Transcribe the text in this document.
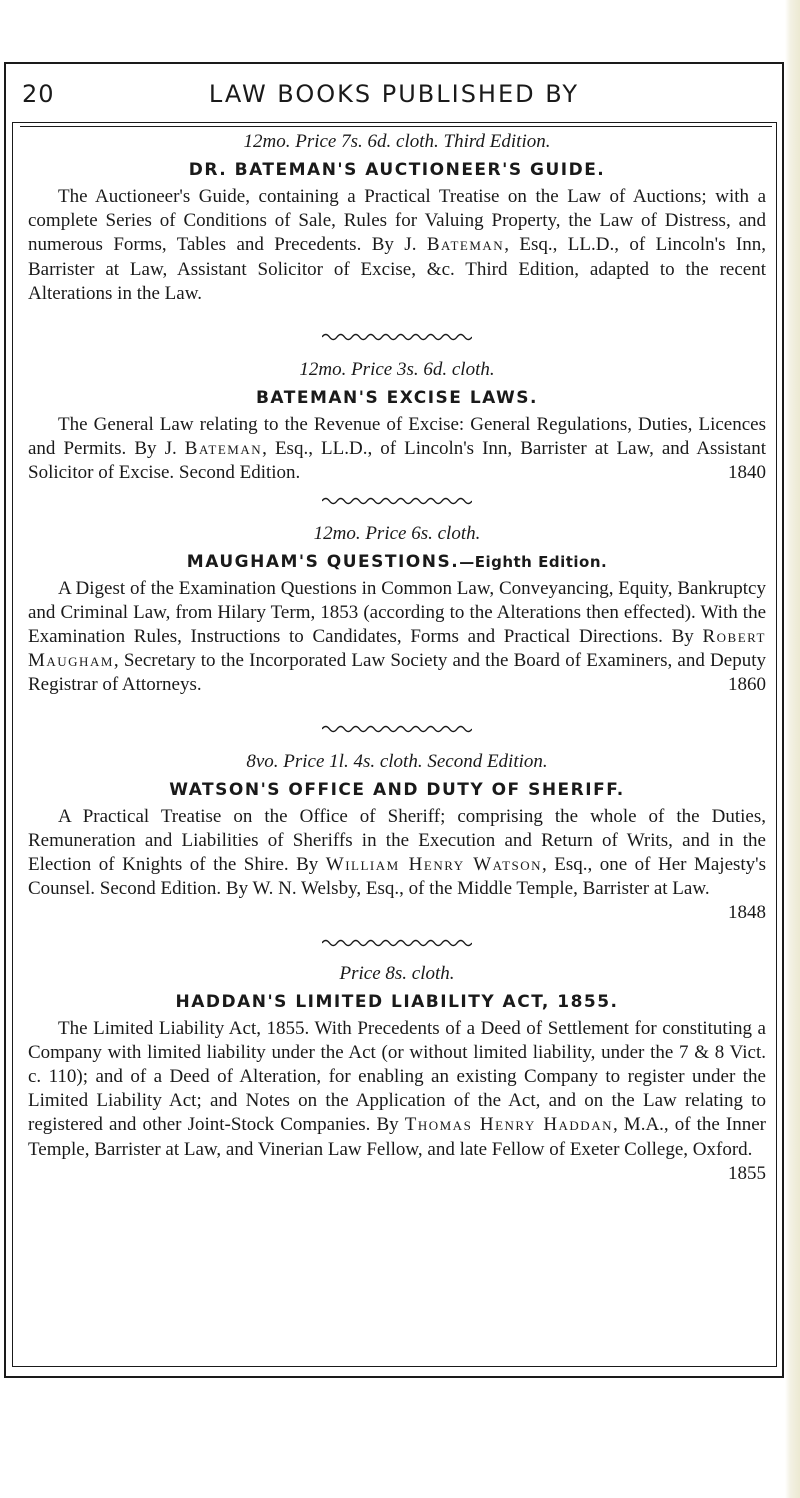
20	LAW BOOKS PUBLISHED BY

12mo. Price 7s. 6d. cloth. Third Edition.

DR. BATEMAN'S AUCTIONEER'S GUIDE.

The Auctioneer's Guide, containing a Practical Treatise on the Law of Auctions; with a complete Series of Conditions of Sale, Rules for Valuing Property, the Law of Distress, and numerous Forms, Tables and Precedents. By J. Bateman, Esq., LL.D., of Lincoln's Inn, Barrister at Law, Assistant Solicitor of Excise, &c. Third Edition, adapted to the recent Alterations in the Law.

12mo. Price 3s. 6d. cloth.

BATEMAN'S EXCISE LAWS.

The General Law relating to the Revenue of Excise: General Regulations, Duties, Licences and Permits. By J. Bateman, Esq., LL.D., of Lincoln's Inn, Barrister at Law, and Assistant Solicitor of Excise. Second Edition.	1840

12mo. Price 6s. cloth.

MAUGHAM'S QUESTIONS.—Eighth Edition.

A Digest of the Examination Questions in Common Law, Conveyancing, Equity, Bankruptcy and Criminal Law, from Hilary Term, 1853 (according to the Alterations then effected). With the Examination Rules, Instructions to Candidates, Forms and Practical Directions. By Robert Maugham, Secretary to the Incorporated Law Society and the Board of Examiners, and Deputy Registrar of Attorneys.	1860

8vo. Price 1l. 4s. cloth. Second Edition.

WATSON'S OFFICE AND DUTY OF SHERIFF.

A Practical Treatise on the Office of Sheriff; comprising the whole of the Duties, Remuneration and Liabilities of Sheriffs in the Execution and Return of Writs, and in the Election of Knights of the Shire. By William Henry Watson, Esq., one of Her Majesty's Counsel. Second Edition. By W. N. Welsby, Esq., of the Middle Temple, Barrister at Law.
1848

Price 8s. cloth.

HADDAN'S LIMITED LIABILITY ACT, 1855.

The Limited Liability Act, 1855. With Precedents of a Deed of Settlement for constituting a Company with limited liability under the Act (or without limited liability, under the 7 & 8 Vict. c. 110); and of a Deed of Alteration, for enabling an existing Company to register under the Limited Liability Act; and Notes on the Application of the Act, and on the Law relating to registered and other Joint-Stock Companies. By Thomas Henry Haddan, M.A., of the Inner Temple, Barrister at Law, and Vinerian Law Fellow, and late Fellow of Exeter College, Oxford.
1855
